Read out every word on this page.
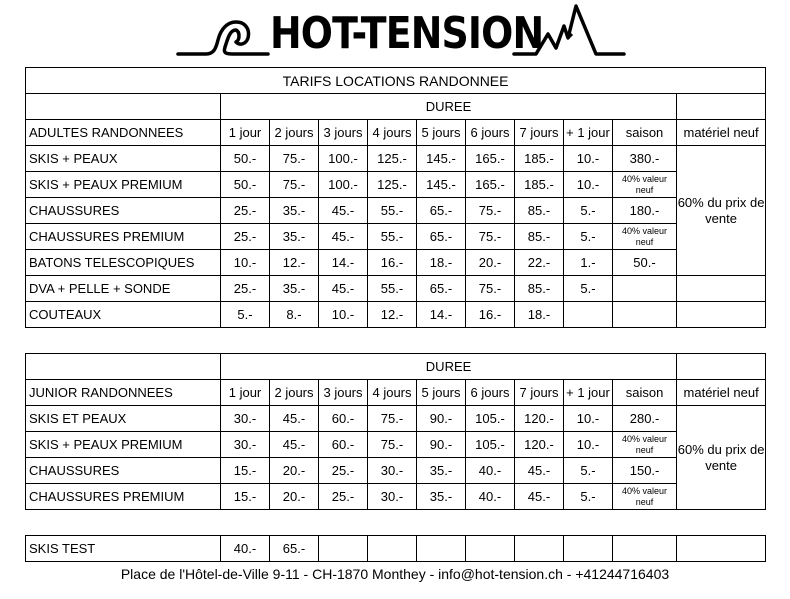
HOT-TENSION
TARIFS LOCATIONS RANDONNEE										
	DUREE									
ADULTES RANDONNEES	1 jour	2 jours	3 jours	4 jours	5 jours	6 jours	7 jours	+ 1 jour	saison	matériel neuf
SKIS + PEAUX	50.-	75.-	100.-	125.-	145.-	165.-	185.-	10.-	380.-	60% du prix de vente
SKIS + PEAUX PREMIUM	50.-	75.-	100.-	125.-	145.-	165.-	185.-	10.-	40% valeur neuf	
CHAUSSURES	25.-	35.-	45.-	55.-	65.-	75.-	85.-	5.-	180.-	
CHAUSSURES PREMIUM	25.-	35.-	45.-	55.-	65.-	75.-	85.-	5.-	40% valeur neuf	
BATONS TELESCOPIQUES	10.-	12.-	14.-	16.-	18.-	20.-	22.-	1.-	50.-	
DVA + PELLE + SONDE	25.-	35.-	45.-	55.-	65.-	75.-	85.-	5.-		
COUTEAUX	5.-	8.-	10.-	12.-	14.-	16.-	18.-			
	DUREE									
JUNIOR RANDONNEES	1 jour	2 jours	3 jours	4 jours	5 jours	6 jours	7 jours	+ 1 jour	saison	matériel neuf
SKIS ET PEAUX	30.-	45.-	60.-	75.-	90.-	105.-	120.-	10.-	280.-	60% du prix de vente
SKIS + PEAUX PREMIUM	30.-	45.-	60.-	75.-	90.-	105.-	120.-	10.-	40% valeur neuf	
CHAUSSURES	15.-	20.-	25.-	30.-	35.-	40.-	45.-	5.-	150.-	
CHAUSSURES PREMIUM	15.-	20.-	25.-	30.-	35.-	40.-	45.-	5.-	40% valeur neuf	
SKIS TEST	40.-	65.-								
Place de l'Hôtel-de-Ville 9-11 - CH-1870 Monthey - info@hot-tension.ch - +41244716403
